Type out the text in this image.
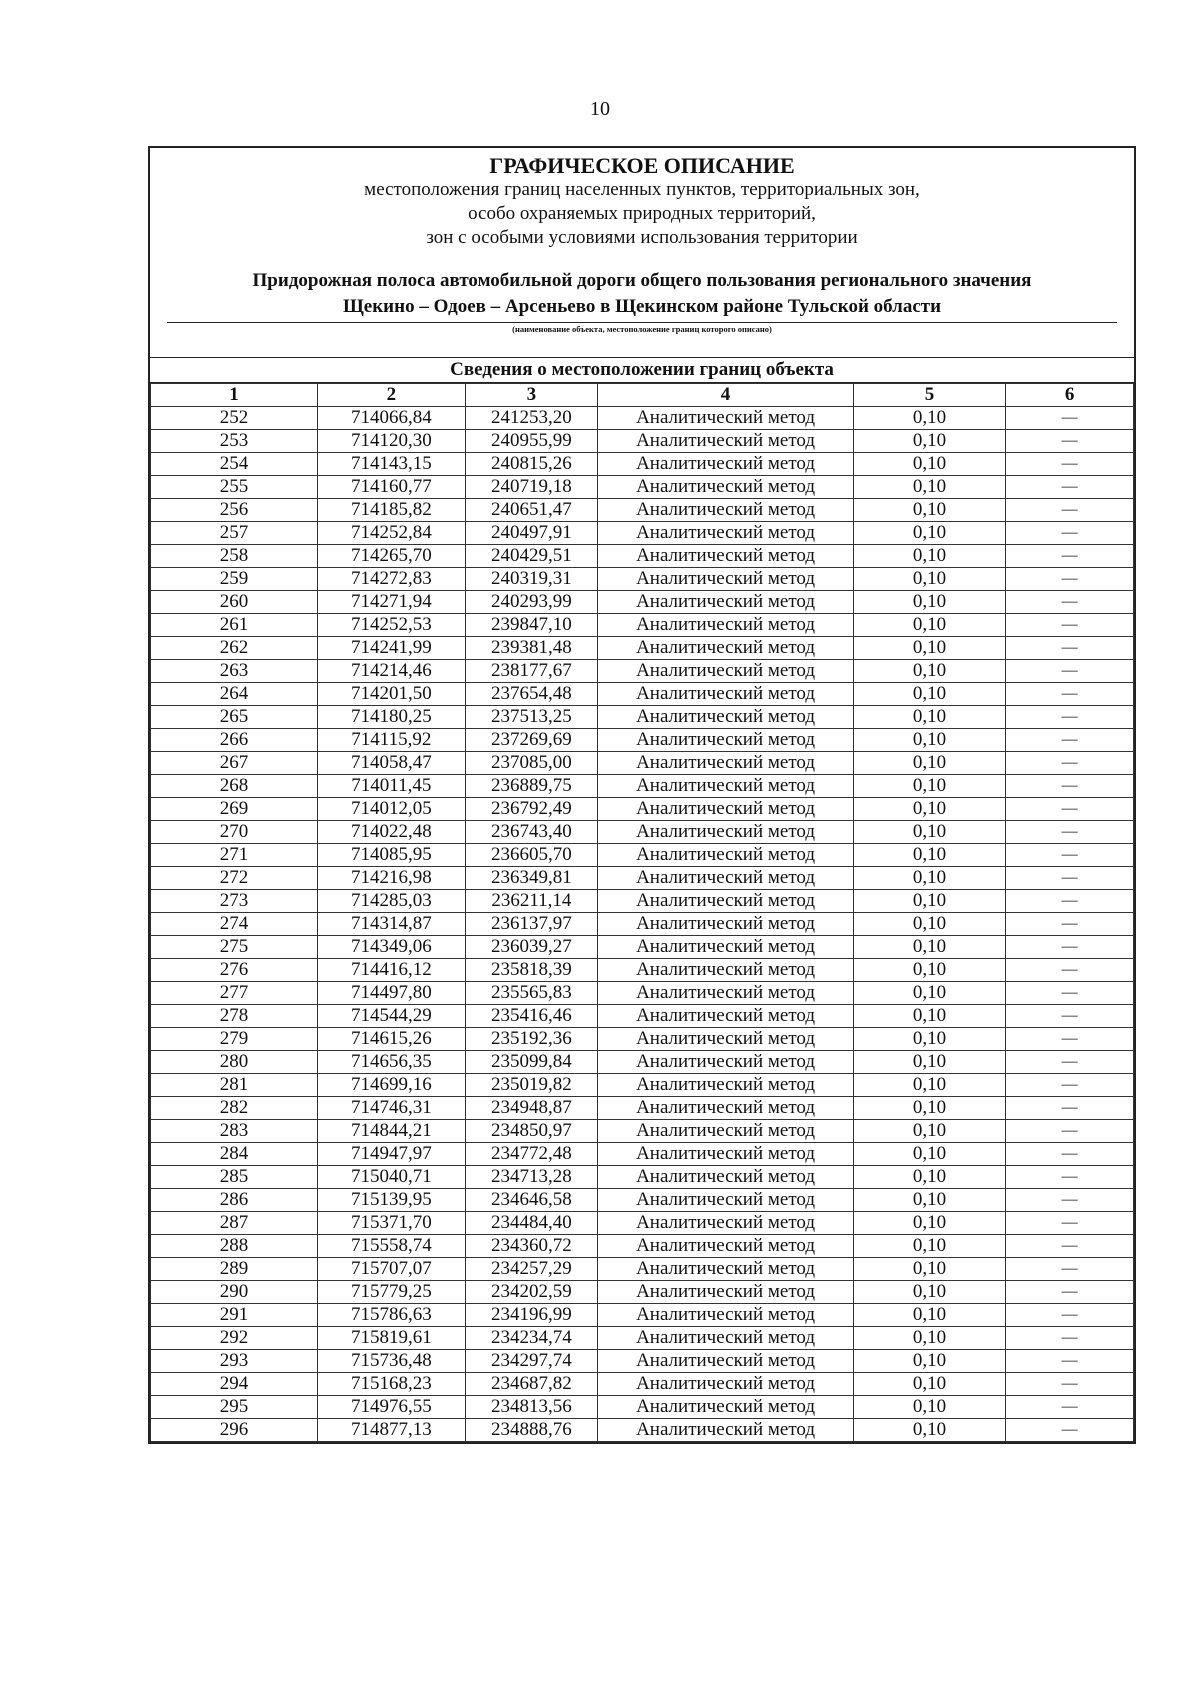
10
ГРАФИЧЕСКОЕ ОПИСАНИЕ
местоположения границ населенных пунктов, территориальных зон,
особо охраняемых природных территорий,
зон с особыми условиями использования территории
Придорожная полоса автомобильной дороги общего пользования регионального значения
Щекино – Одоев – Арсеньево в Щекинском районе Тульской области
(наименование объекта, местоположение границ которого описано)
Сведения о местоположении границ объекта
1	2	3	4	5	6
252	714066,84	241253,20	Аналитический метод	0,10	—
253	714120,30	240955,99	Аналитический метод	0,10	—
254	714143,15	240815,26	Аналитический метод	0,10	—
255	714160,77	240719,18	Аналитический метод	0,10	—
256	714185,82	240651,47	Аналитический метод	0,10	—
257	714252,84	240497,91	Аналитический метод	0,10	—
258	714265,70	240429,51	Аналитический метод	0,10	—
259	714272,83	240319,31	Аналитический метод	0,10	—
260	714271,94	240293,99	Аналитический метод	0,10	—
261	714252,53	239847,10	Аналитический метод	0,10	—
262	714241,99	239381,48	Аналитический метод	0,10	—
263	714214,46	238177,67	Аналитический метод	0,10	—
264	714201,50	237654,48	Аналитический метод	0,10	—
265	714180,25	237513,25	Аналитический метод	0,10	—
266	714115,92	237269,69	Аналитический метод	0,10	—
267	714058,47	237085,00	Аналитический метод	0,10	—
268	714011,45	236889,75	Аналитический метод	0,10	—
269	714012,05	236792,49	Аналитический метод	0,10	—
270	714022,48	236743,40	Аналитический метод	0,10	—
271	714085,95	236605,70	Аналитический метод	0,10	—
272	714216,98	236349,81	Аналитический метод	0,10	—
273	714285,03	236211,14	Аналитический метод	0,10	—
274	714314,87	236137,97	Аналитический метод	0,10	—
275	714349,06	236039,27	Аналитический метод	0,10	—
276	714416,12	235818,39	Аналитический метод	0,10	—
277	714497,80	235565,83	Аналитический метод	0,10	—
278	714544,29	235416,46	Аналитический метод	0,10	—
279	714615,26	235192,36	Аналитический метод	0,10	—
280	714656,35	235099,84	Аналитический метод	0,10	—
281	714699,16	235019,82	Аналитический метод	0,10	—
282	714746,31	234948,87	Аналитический метод	0,10	—
283	714844,21	234850,97	Аналитический метод	0,10	—
284	714947,97	234772,48	Аналитический метод	0,10	—
285	715040,71	234713,28	Аналитический метод	0,10	—
286	715139,95	234646,58	Аналитический метод	0,10	—
287	715371,70	234484,40	Аналитический метод	0,10	—
288	715558,74	234360,72	Аналитический метод	0,10	—
289	715707,07	234257,29	Аналитический метод	0,10	—
290	715779,25	234202,59	Аналитический метод	0,10	—
291	715786,63	234196,99	Аналитический метод	0,10	—
292	715819,61	234234,74	Аналитический метод	0,10	—
293	715736,48	234297,74	Аналитический метод	0,10	—
294	715168,23	234687,82	Аналитический метод	0,10	—
295	714976,55	234813,56	Аналитический метод	0,10	—
296	714877,13	234888,76	Аналитический метод	0,10	—
